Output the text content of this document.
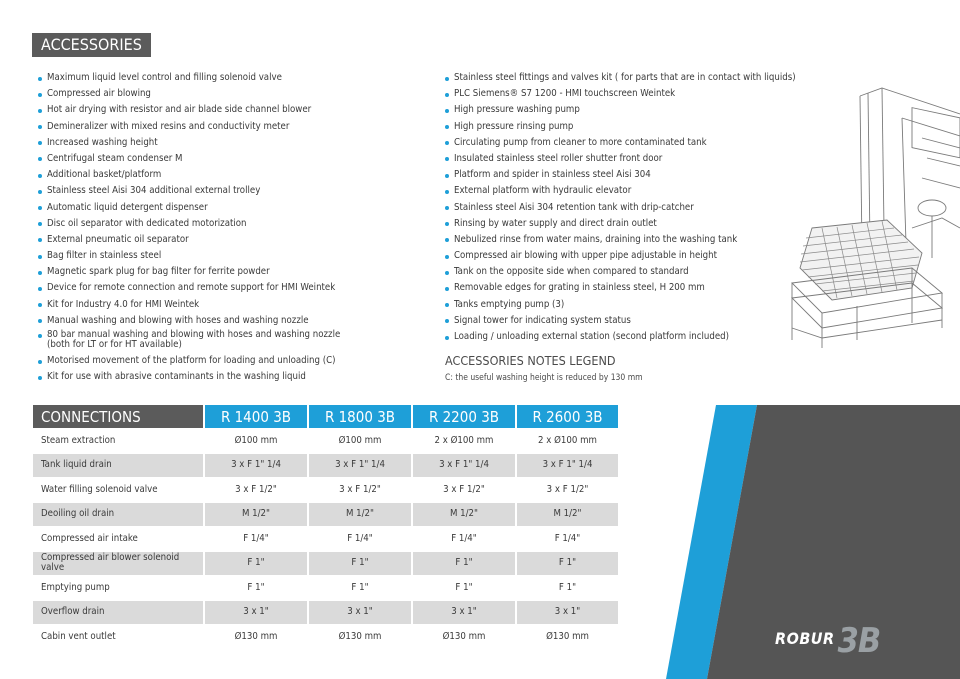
ACCESSORIES
Maximum liquid level control and filling solenoid valve
Compressed air blowing
Hot air drying with resistor and air blade side channel blower
Demineralizer with mixed resins and conductivity meter
Increased washing height
Centrifugal steam condenser M
Additional basket/platform
Stainless steel Aisi 304 additional external trolley
Automatic liquid detergent dispenser
Disc oil separator with dedicated motorization
External pneumatic oil separator
Bag filter in stainless steel
Magnetic spark plug for bag filter for ferrite powder
Device for remote connection and remote support for HMI Weintek
Kit for Industry 4.0 for HMI Weintek
Manual washing and blowing with hoses and washing nozzle
80 bar manual washing and blowing with hoses and washing nozzle
(both for LT or for HT available)
Motorised movement of the platform for loading and unloading (C)
Kit for use with abrasive contaminants in the washing liquid
Stainless steel fittings and valves kit ( for parts that are in contact with liquids)
PLC Siemens® S7 1200 - HMI touchscreen Weintek
High pressure washing pump
High pressure rinsing pump
Circulating pump from cleaner to more contaminated tank
Insulated stainless steel roller shutter front door
Platform and spider in stainless steel Aisi 304
External platform with hydraulic elevator
Stainless steel Aisi 304 retention tank with drip-catcher
Rinsing by water supply and direct drain outlet
Nebulized rinse from water mains, draining into the washing tank
Compressed air blowing with upper pipe adjustable in height
Tank on the opposite side when compared to standard
Removable edges for grating in stainless steel, H 200 mm
Tanks emptying pump (3)
Signal tower for indicating system status
Loading / unloading external station (second platform included)
ACCESSORIES NOTES LEGEND
C: the useful washing height is reduced by 130 mm
CONNECTIONS	R 1400 3B	R 1800 3B	R 2200 3B	R 2600 3B
Steam extraction	Ø100 mm	Ø100 mm	2 x Ø100 mm	2 x Ø100 mm
Tank liquid drain	3 x F 1" 1/4	3 x F 1" 1/4	3 x F 1" 1/4	3 x F 1" 1/4
Water filling solenoid valve	3 x F 1/2"	3 x F 1/2"	3 x F 1/2"	3 x F 1/2"
Deoiling oil drain	M 1/2"	M 1/2"	M 1/2"	M 1/2"
Compressed air intake	F 1/4"	F 1/4"	F 1/4"	F 1/4"
Compressed air blower solenoid valve	F 1"	F 1"	F 1"	F 1"
Emptying pump	F 1"	F 1"	F 1"	F 1"
Overflow drain	3 x 1"	3 x 1"	3 x 1"	3 x 1"
Cabin vent outlet	Ø130 mm	Ø130 mm	Ø130 mm	Ø130 mm	ROBUR3B
